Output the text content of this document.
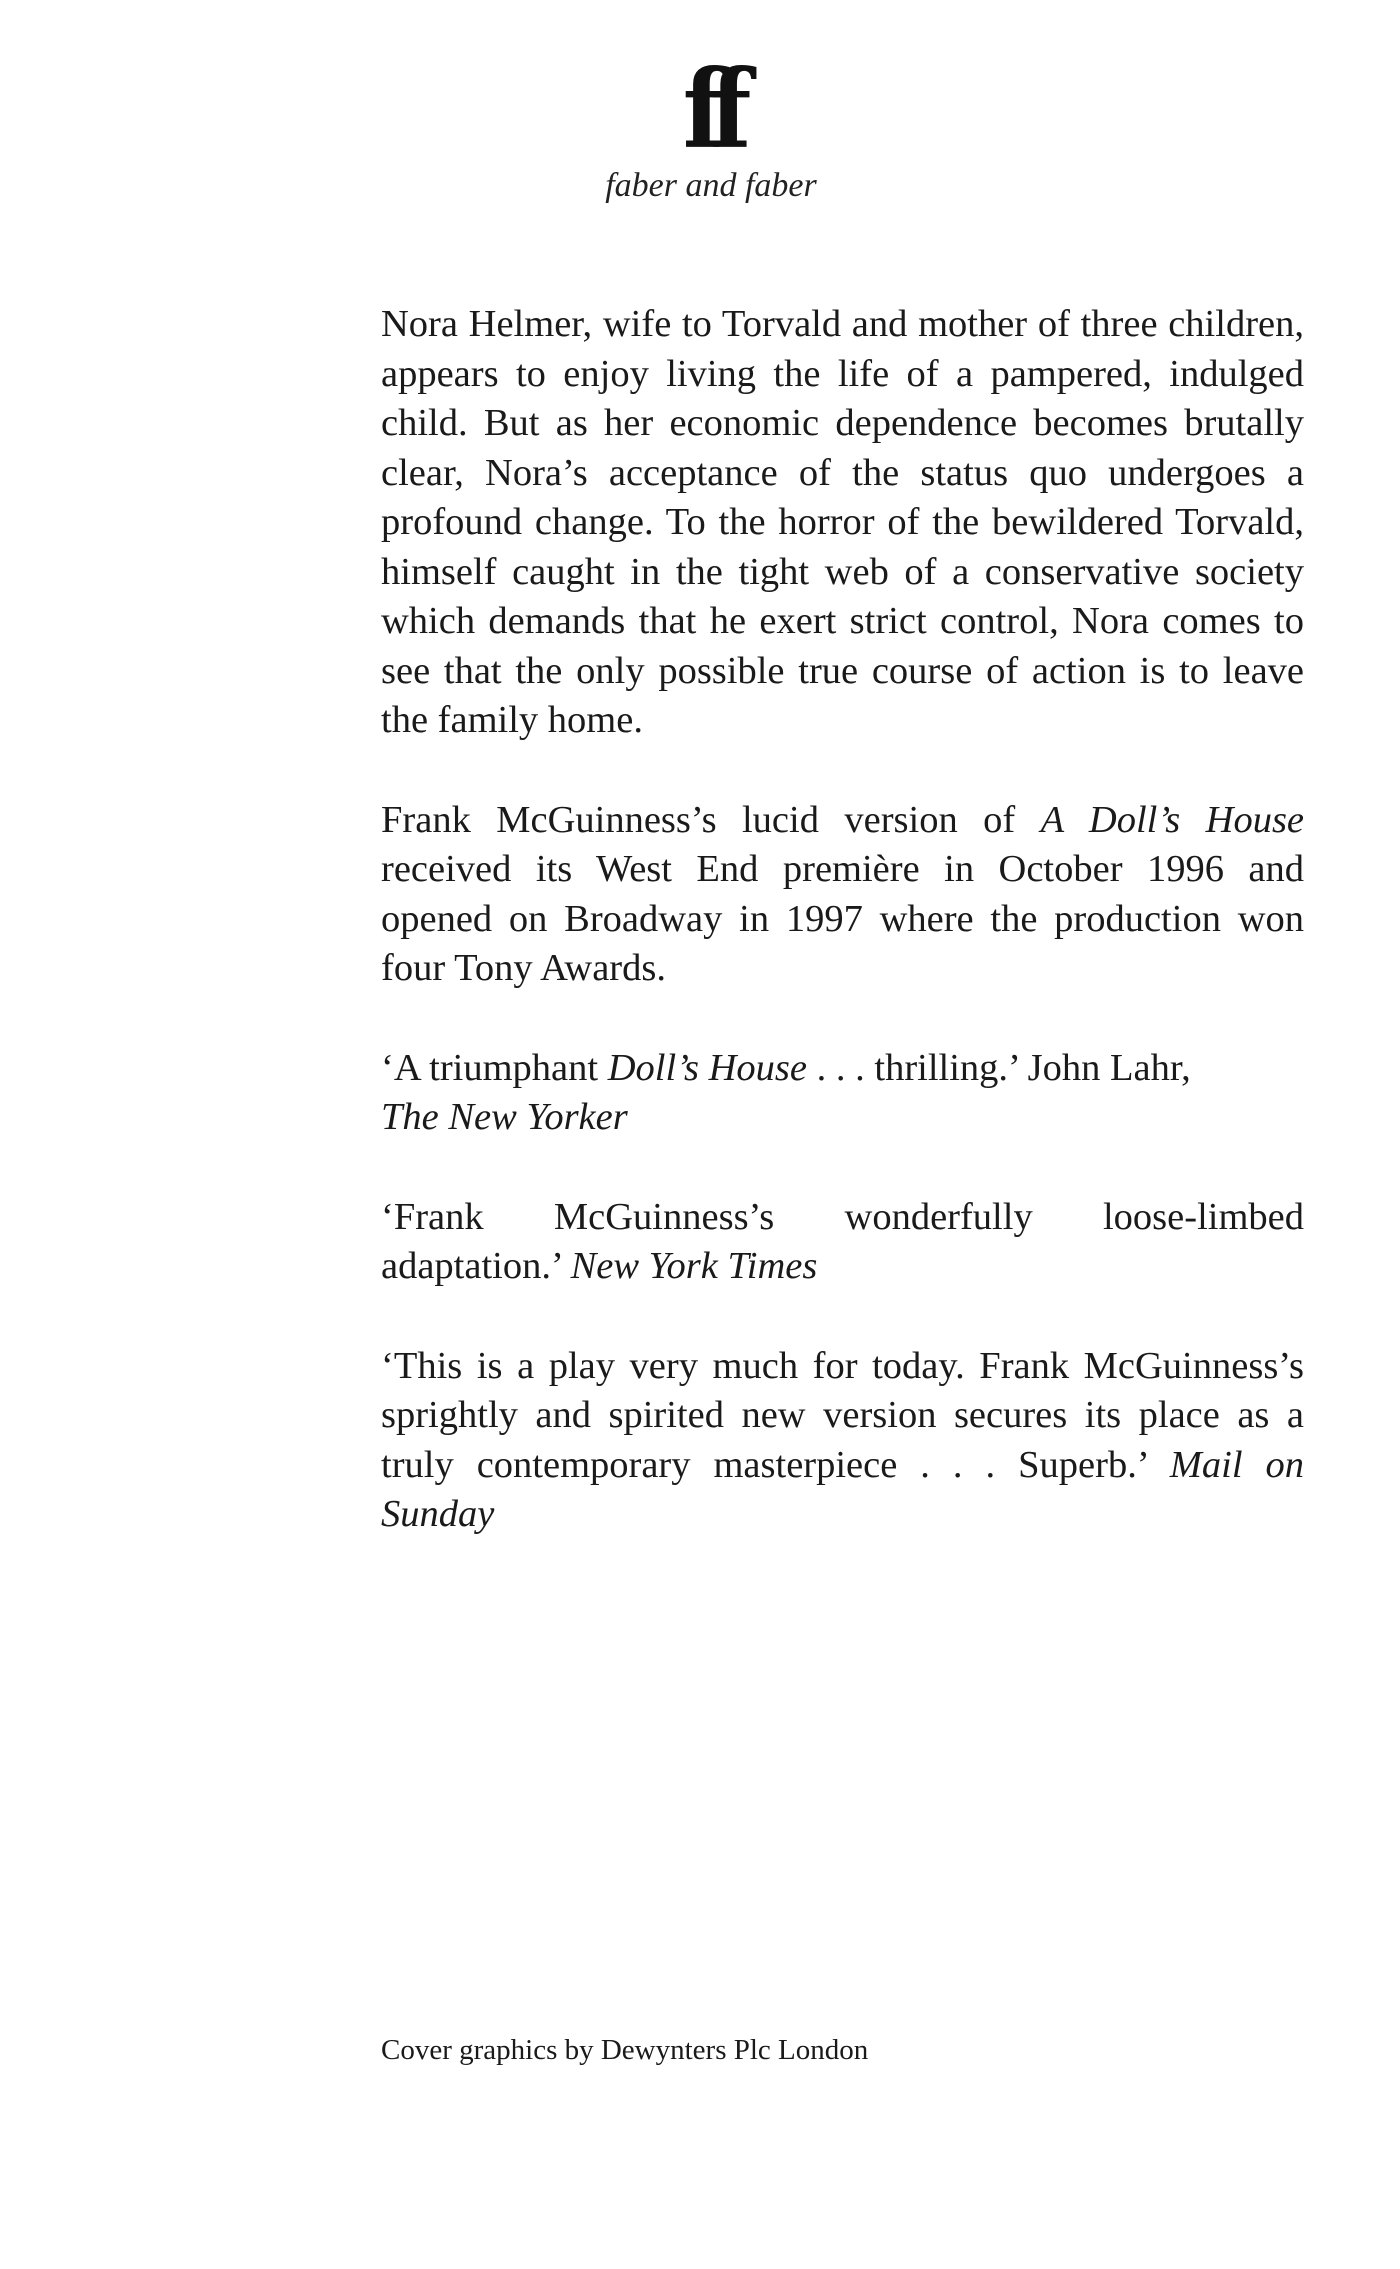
ff
faber and faber

Nora Helmer, wife to Torvald and mother of three children, appears to enjoy living the life of a pampered, indulged child. But as her economic dependence becomes brutally clear, Nora’s acceptance of the status quo undergoes a profound change. To the horror of the bewildered Torvald, himself caught in the tight web of a conservative society which demands that he exert strict control, Nora comes to see that the only possible true course of action is to leave the family home.

Frank McGuinness’s lucid version of A Doll’s House received its West End première in October 1996 and opened on Broadway in 1997 where the production won four Tony Awards.

‘A triumphant Doll’s House . . . thrilling.’ John Lahr,
The New Yorker

‘Frank McGuinness’s wonderfully loose-limbed adaptation.’ New York Times

‘This is a play very much for today. Frank McGuinness’s sprightly and spirited new version secures its place as a truly contemporary masterpiece . . . Superb.’ Mail on Sunday

Cover graphics by Dewynters Plc London
